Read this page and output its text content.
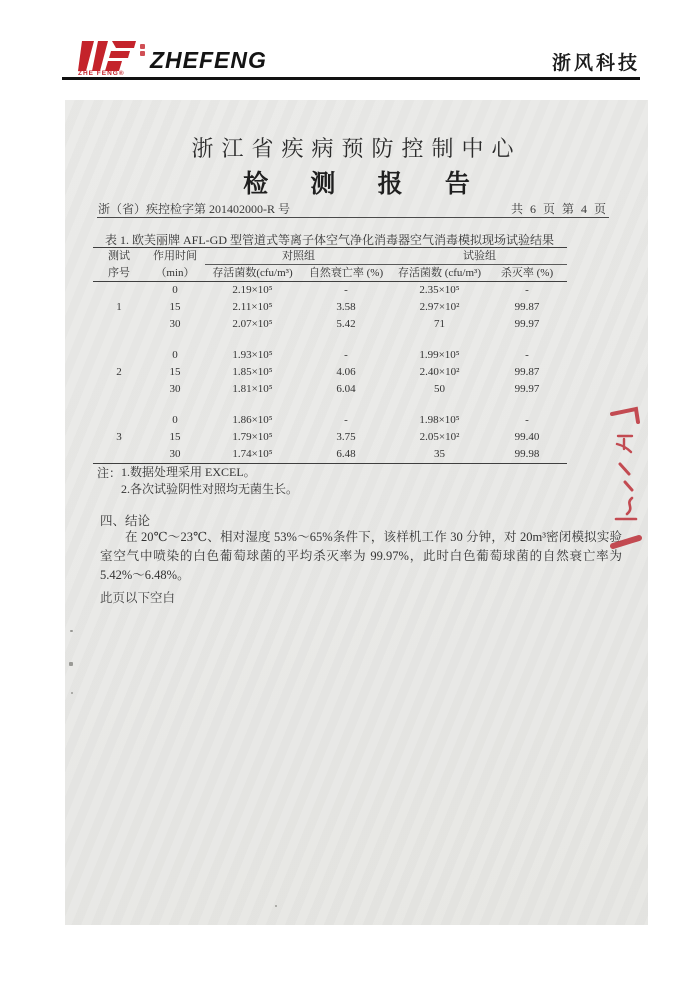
ZHE FENG®
ZHEFENG	浙风科技
浙江省疾病预防控制中心
检 测 报 告
浙（省）疾控检字第 201402000-R 号	共 6 页 第 4 页
表 1. 欧芙丽牌 AFL-GD 型管道式等离子体空气净化消毒器空气消毒模拟现场试验结果
测试	作用时间	对照组		试验组	
序号	（min）	存活菌数(cfu/m³)	自然衰亡率 (%)	存活菌数 (cfu/m³)	杀灭率 (%)
	0	2.19×10⁵	-	2.35×10⁵	-
1	15	2.11×10⁵	3.58	2.97×10²	99.87
	30	2.07×10⁵	5.42	71	99.97

	0	1.93×10⁵	-	1.99×10⁵	-
2	15	1.85×10⁵	4.06	2.40×10²	99.87
	30	1.81×10⁵	6.04	50	99.97

	0	1.86×10⁵	-	1.98×10⁵	-
3	15	1.79×10⁵	3.75	2.05×10²	99.40
	30	1.74×10⁵	6.48	35	99.98
注： 1.数据处理采用 EXCEL。
2.各次试验阴性对照均无菌生长。
四、结论
在 20℃～23℃、相对湿度 53%～65%条件下，该样机工作 30 分钟，对 20m³密闭模拟实验室空气中喷染的白色葡萄球菌的平均杀灭率为 99.97%，此时白色葡萄球菌的自然衰亡率为 5.42%～6.48%。
此页以下空白
